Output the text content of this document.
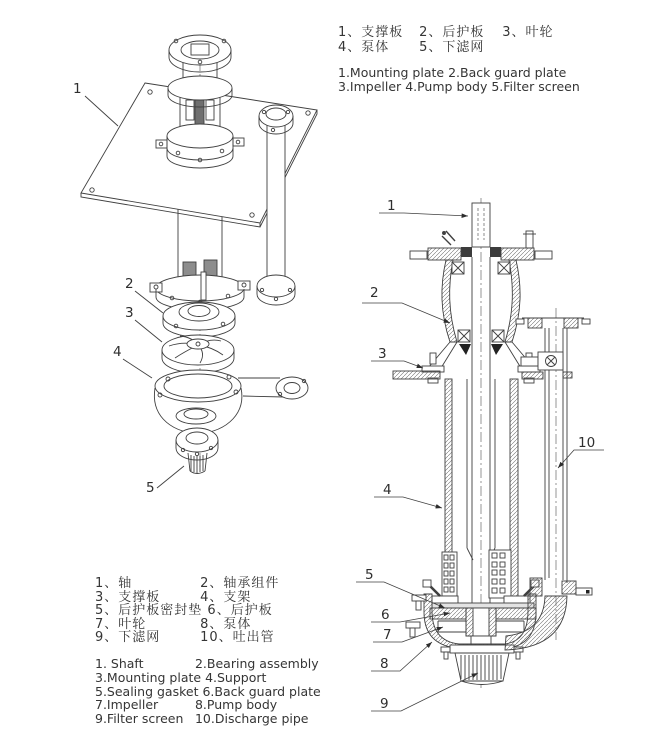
1
2
3
4
5
1
2
3
4
5
6
7
8
9
10
1、支撑板 2、后护板 3、叶轮
4、泵体 5、下滤网
1.Mounting plate 2.Back guard plate
3.Impeller 4.Pump body 5.Filter screen
1、轴	2、轴承组件
3、支撑板	4、支架
5、后护板密封垫 6、后护板
7、叶轮	8、泵体
9、下滤网	10、吐出管
1. Shaft	2.Bearing assembly
3.Mounting plate 4.Support
5.Sealing gasket 6.Back guard plate
7.Impeller	8.Pump body
9.Filter screen 10.Discharge pipe
